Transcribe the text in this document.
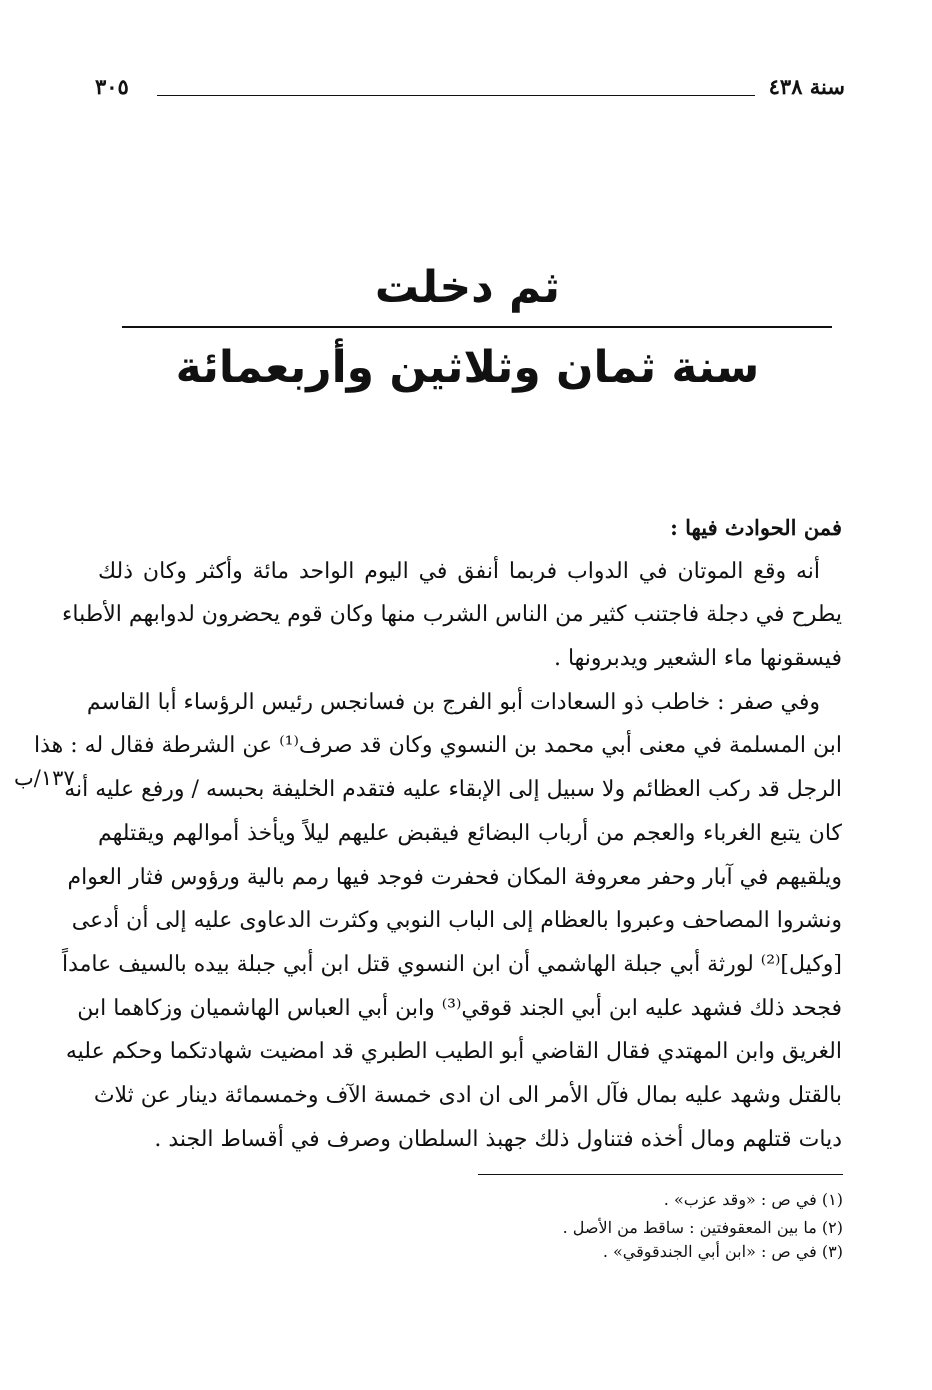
سنة ٤٣٨
٣٠٥
ثم دخلت
سنة ثمان وثلاثين وأربعمائة
فمن الحوادث فيها :
أنه وقع الموتان في الدواب فربما أنفق في اليوم الواحد مائة وأكثر وكان ذلك
يطرح في دجلة فاجتنب كثير من الناس الشرب منها وكان قوم يحضرون لدوابهم الأطباء
فيسقونها ماء الشعير ويدبرونها .
وفي صفر : خاطب ذو السعادات أبو الفرج بن فسانجس رئيس الرؤساء أبا القاسم
ابن المسلمة في معنى أبي محمد بن النسوي وكان قد صرف⁽¹⁾ عن الشرطة فقال له : هذا
الرجل قد ركب العظائم ولا سبيل إلى الإبقاء عليه فتقدم الخليفة بحبسه / ورفع عليه أنه
كان يتبع الغرباء والعجم من أرباب البضائع فيقبض عليهم ليلاً ويأخذ أموالهم ويقتلهم
ويلقيهم في آبار وحفر معروفة المكان فحفرت فوجد فيها رمم بالية ورؤوس فثار العوام
ونشروا المصاحف وعبروا بالعظام إلى الباب النوبي وكثرت الدعاوى عليه إلى أن أدعى
[وكيل]⁽²⁾ لورثة أبي جبلة الهاشمي أن ابن النسوي قتل ابن أبي جبلة بيده بالسيف عامداً
فجحد ذلك فشهد عليه ابن أبي الجند قوقي⁽³⁾ وابن أبي العباس الهاشميان وزكاهما ابن
الغريق وابن المهتدي فقال القاضي أبو الطيب الطبري قد امضيت شهادتكما وحكم عليه
بالقتل وشهد عليه بمال فآل الأمر الى ان ادى خمسة الآف وخمسمائة دينار عن ثلاث
ديات قتلهم ومال أخذه فتناول ذلك جهبذ السلطان وصرف في أقساط الجند .
١٣٧/ب
(١) في ص : «وقد عزب» .
(٢) ما بين المعقوفتين : ساقط من الأصل .
(٣) في ص : «ابن أبي الجندقوقي» .
